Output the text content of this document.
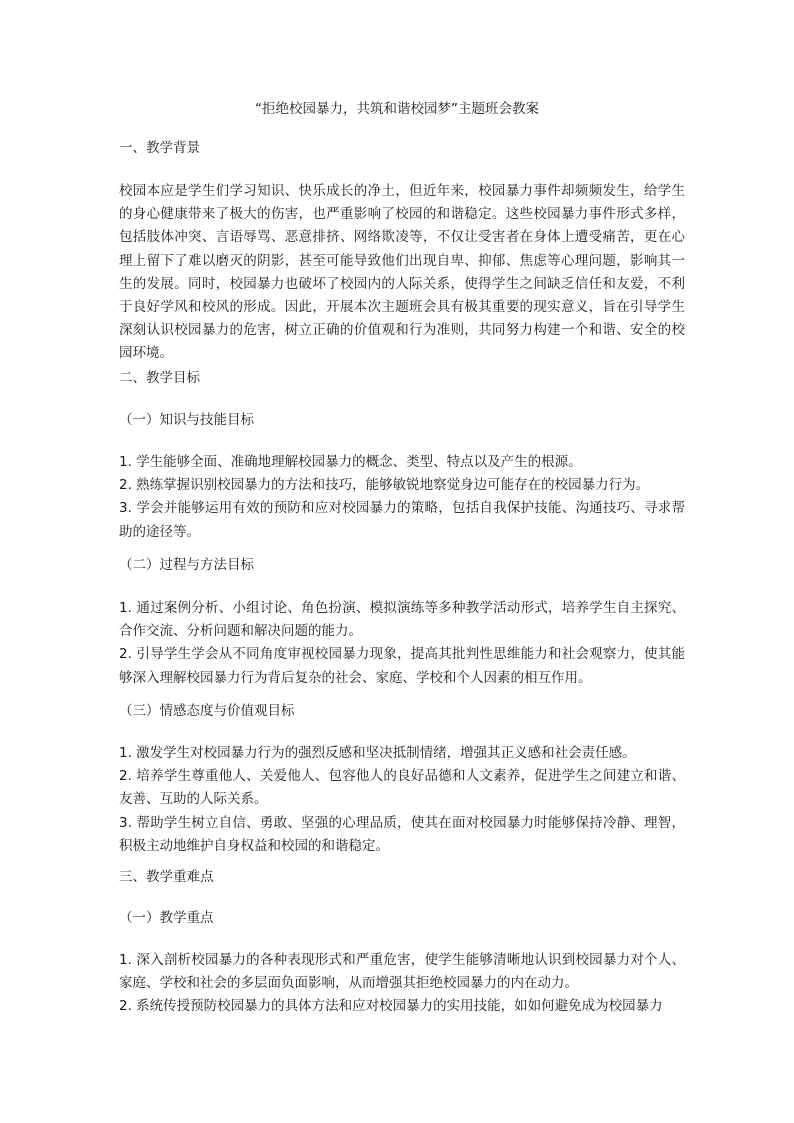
“拒绝校园暴力，共筑和谐校园梦”主题班会教案

一、教学背景

校园本应是学生们学习知识、快乐成长的净土，但近年来，校园暴力事件却频频发生，给学生的身心健康带来了极大的伤害，也严重影响了校园的和谐稳定。这些校园暴力事件形式多样，包括肢体冲突、言语辱骂、恶意排挤、网络欺凌等，不仅让受害者在身体上遭受痛苦，更在心理上留下了难以磨灭的阴影，甚至可能导致他们出现自卑、抑郁、焦虑等心理问题，影响其一生的发展。同时，校园暴力也破坏了校园内的人际关系，使得学生之间缺乏信任和友爱，不利于良好学风和校风的形成。因此，开展本次主题班会具有极其重要的现实意义，旨在引导学生深刻认识校园暴力的危害，树立正确的价值观和行为准则，共同努力构建一个和谐、安全的校园环境。

二、教学目标

（一）知识与技能目标

1. 学生能够全面、准确地理解校园暴力的概念、类型、特点以及产生的根源。
2. 熟练掌握识别校园暴力的方法和技巧，能够敏锐地察觉身边可能存在的校园暴力行为。
3. 学会并能够运用有效的预防和应对校园暴力的策略，包括自我保护技能、沟通技巧、寻求帮助的途径等。

（二）过程与方法目标

1. 通过案例分析、小组讨论、角色扮演、模拟演练等多种教学活动形式，培养学生自主探究、合作交流、分析问题和解决问题的能力。
2. 引导学生学会从不同角度审视校园暴力现象，提高其批判性思维能力和社会观察力，使其能够深入理解校园暴力行为背后复杂的社会、家庭、学校和个人因素的相互作用。

（三）情感态度与价值观目标

1. 激发学生对校园暴力行为的强烈反感和坚决抵制情绪，增强其正义感和社会责任感。
2. 培养学生尊重他人、关爱他人、包容他人的良好品德和人文素养，促进学生之间建立和谐、友善、互助的人际关系。
3. 帮助学生树立自信、勇敢、坚强的心理品质，使其在面对校园暴力时能够保持冷静、理智，积极主动地维护自身权益和校园的和谐稳定。

三、教学重难点

（一）教学重点

1. 深入剖析校园暴力的各种表现形式和严重危害，使学生能够清晰地认识到校园暴力对个人、家庭、学校和社会的多层面负面影响，从而增强其拒绝校园暴力的内在动力。
2. 系统传授预防校园暴力的具体方法和应对校园暴力的实用技能，如如何避免成为校园暴力
